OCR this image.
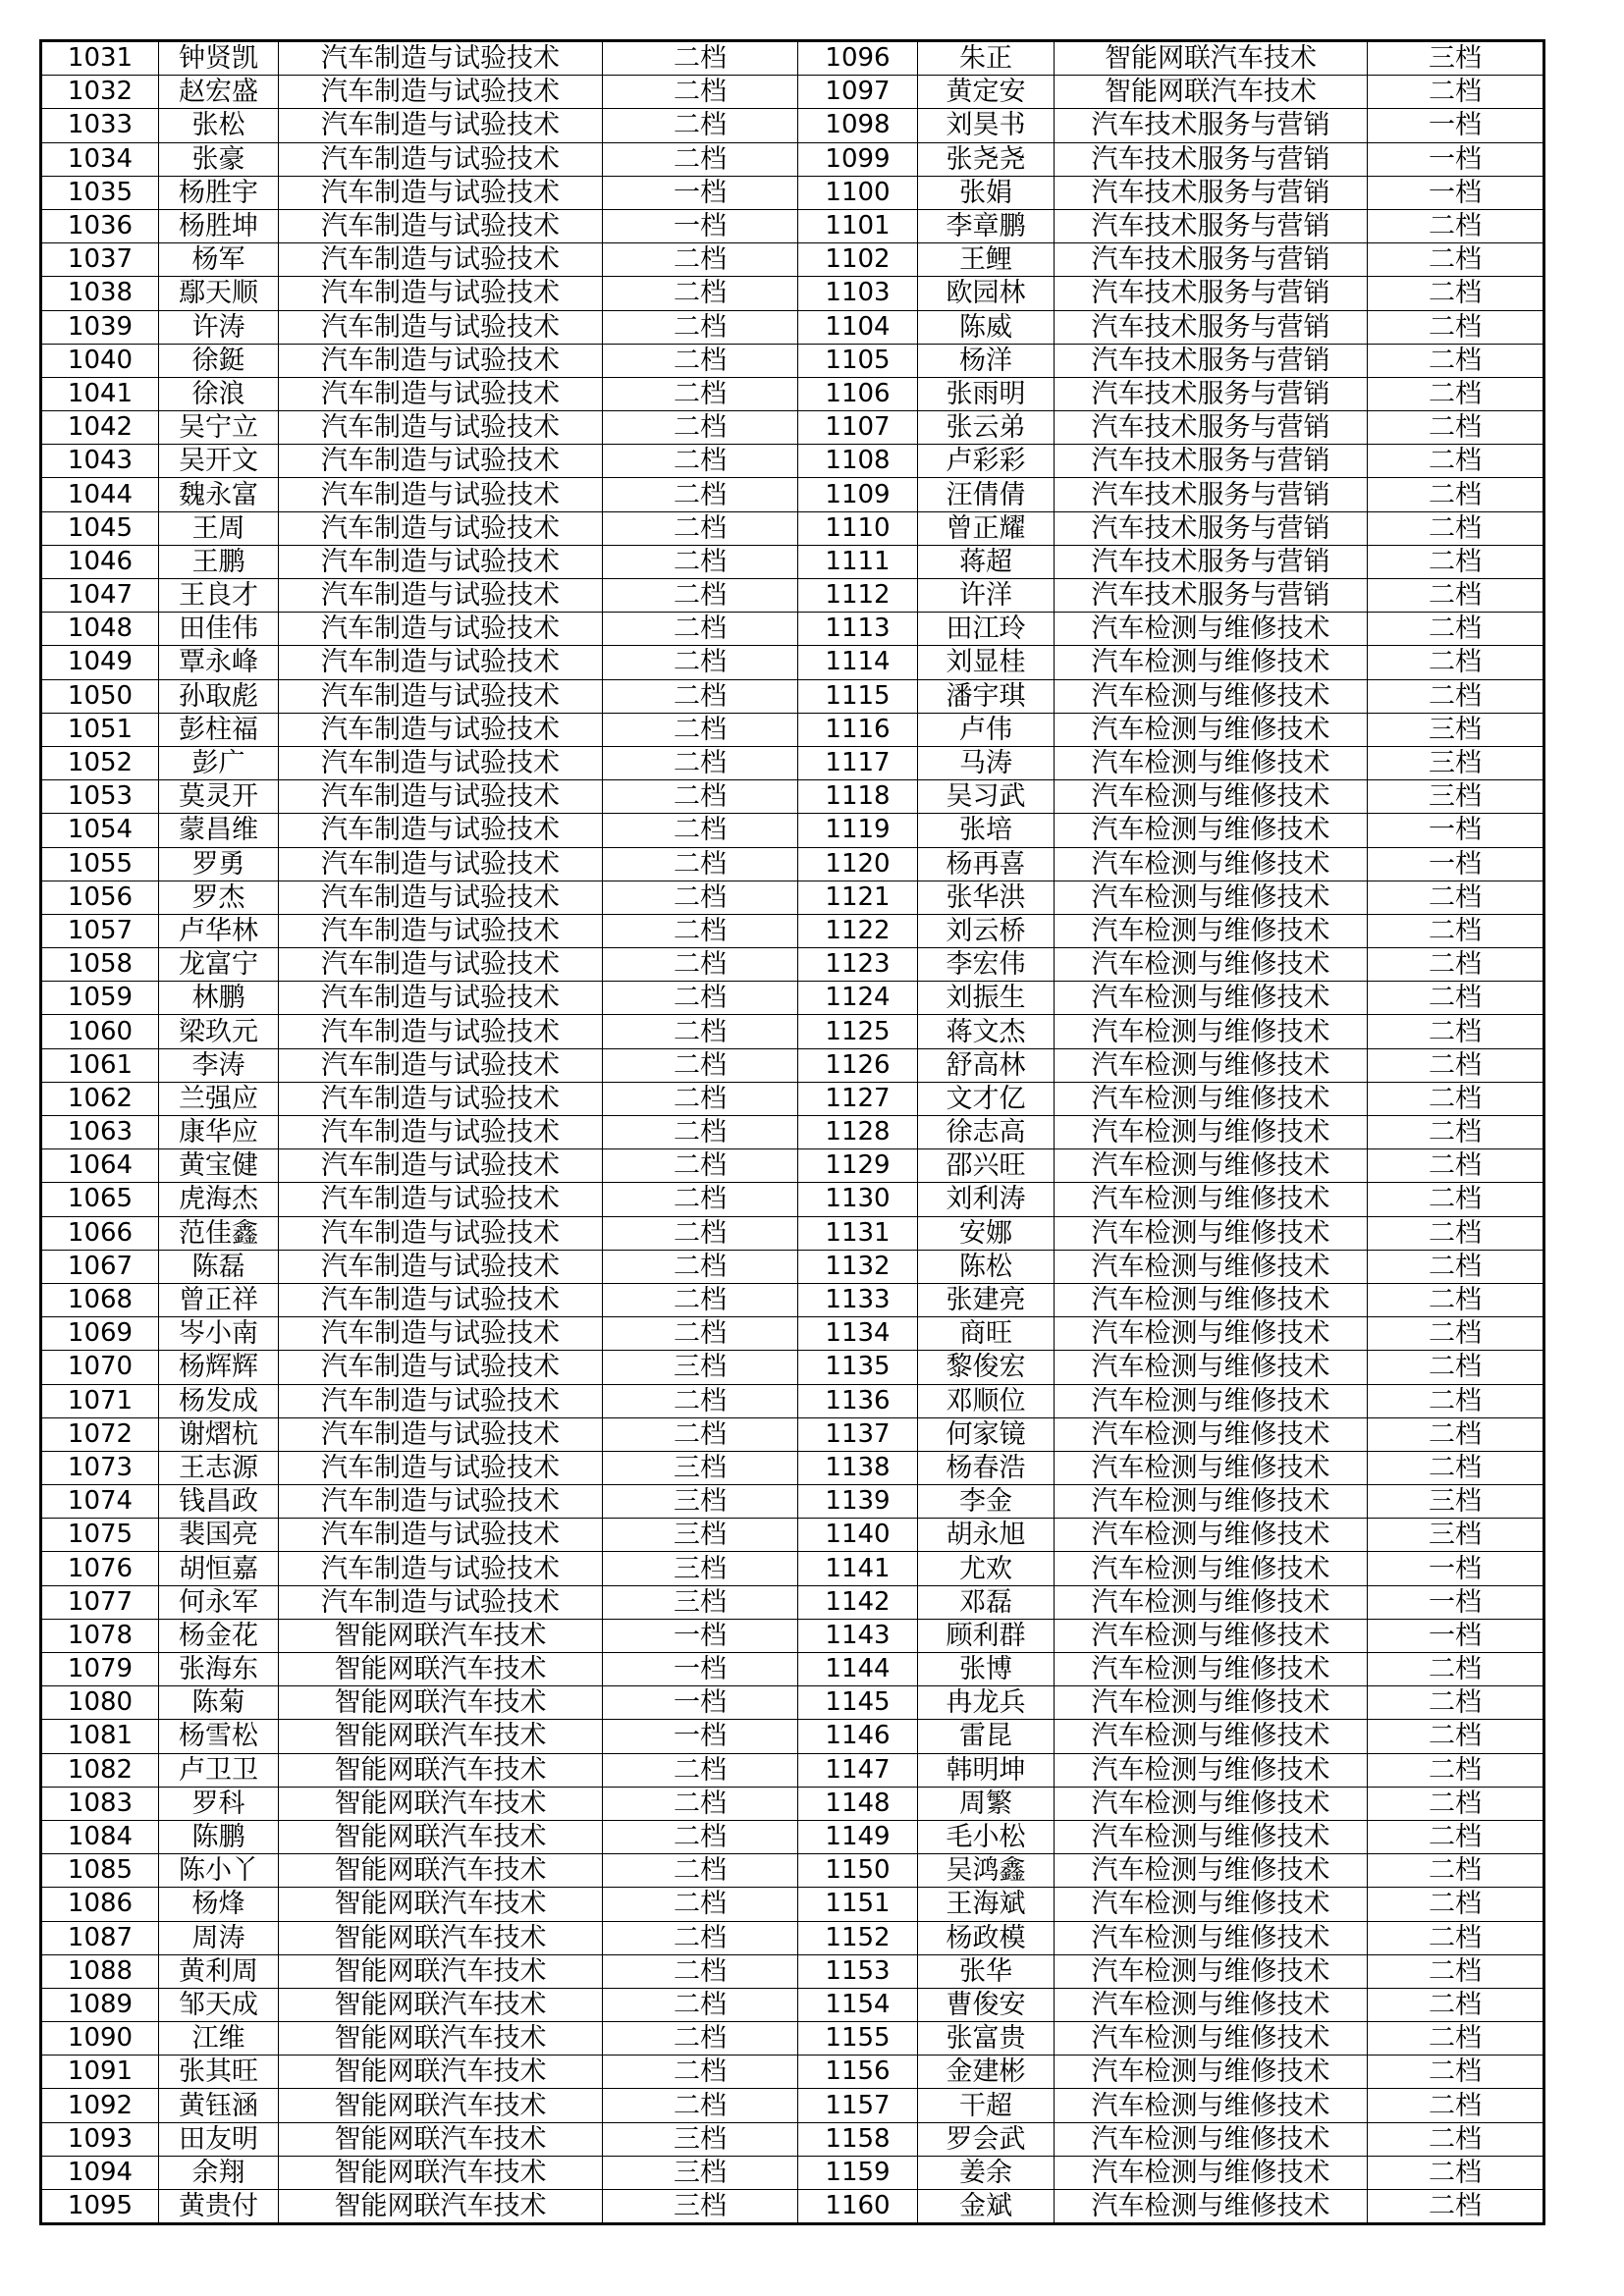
1031	钟贤凯	汽车制造与试验技术	二档	1096	朱正	智能网联汽车技术	三档
1032	赵宏盛	汽车制造与试验技术	二档	1097	黄定安	智能网联汽车技术	二档
1033	张松	汽车制造与试验技术	二档	1098	刘昊书	汽车技术服务与营销	一档
1034	张豪	汽车制造与试验技术	二档	1099	张尧尧	汽车技术服务与营销	一档
1035	杨胜宇	汽车制造与试验技术	一档	1100	张娟	汽车技术服务与营销	一档
1036	杨胜坤	汽车制造与试验技术	一档	1101	李章鹏	汽车技术服务与营销	二档
1037	杨军	汽车制造与试验技术	二档	1102	王鲤	汽车技术服务与营销	二档
1038	鄢天顺	汽车制造与试验技术	二档	1103	欧园林	汽车技术服务与营销	二档
1039	许涛	汽车制造与试验技术	二档	1104	陈威	汽车技术服务与营销	二档
1040	徐鋌	汽车制造与试验技术	二档	1105	杨洋	汽车技术服务与营销	二档
1041	徐浪	汽车制造与试验技术	二档	1106	张雨明	汽车技术服务与营销	二档
1042	吴宁立	汽车制造与试验技术	二档	1107	张云弟	汽车技术服务与营销	二档
1043	吴开文	汽车制造与试验技术	二档	1108	卢彩彩	汽车技术服务与营销	二档
1044	魏永富	汽车制造与试验技术	二档	1109	汪倩倩	汽车技术服务与营销	二档
1045	王周	汽车制造与试验技术	二档	1110	曾正耀	汽车技术服务与营销	二档
1046	王鹏	汽车制造与试验技术	二档	1111	蒋超	汽车技术服务与营销	二档
1047	王良才	汽车制造与试验技术	二档	1112	许洋	汽车技术服务与营销	二档
1048	田佳伟	汽车制造与试验技术	二档	1113	田江玲	汽车检测与维修技术	二档
1049	覃永峰	汽车制造与试验技术	二档	1114	刘显桂	汽车检测与维修技术	二档
1050	孙取彪	汽车制造与试验技术	二档	1115	潘宇琪	汽车检测与维修技术	二档
1051	彭柱福	汽车制造与试验技术	二档	1116	卢伟	汽车检测与维修技术	三档
1052	彭广	汽车制造与试验技术	二档	1117	马涛	汽车检测与维修技术	三档
1053	莫灵开	汽车制造与试验技术	二档	1118	吴习武	汽车检测与维修技术	三档
1054	蒙昌维	汽车制造与试验技术	二档	1119	张培	汽车检测与维修技术	一档
1055	罗勇	汽车制造与试验技术	二档	1120	杨再喜	汽车检测与维修技术	一档
1056	罗杰	汽车制造与试验技术	二档	1121	张华洪	汽车检测与维修技术	二档
1057	卢华林	汽车制造与试验技术	二档	1122	刘云桥	汽车检测与维修技术	二档
1058	龙富宁	汽车制造与试验技术	二档	1123	李宏伟	汽车检测与维修技术	二档
1059	林鹏	汽车制造与试验技术	二档	1124	刘振生	汽车检测与维修技术	二档
1060	梁玖元	汽车制造与试验技术	二档	1125	蒋文杰	汽车检测与维修技术	二档
1061	李涛	汽车制造与试验技术	二档	1126	舒高林	汽车检测与维修技术	二档
1062	兰强应	汽车制造与试验技术	二档	1127	文才亿	汽车检测与维修技术	二档
1063	康华应	汽车制造与试验技术	二档	1128	徐志高	汽车检测与维修技术	二档
1064	黄宝健	汽车制造与试验技术	二档	1129	邵兴旺	汽车检测与维修技术	二档
1065	虎海杰	汽车制造与试验技术	二档	1130	刘利涛	汽车检测与维修技术	二档
1066	范佳鑫	汽车制造与试验技术	二档	1131	安娜	汽车检测与维修技术	二档
1067	陈磊	汽车制造与试验技术	二档	1132	陈松	汽车检测与维修技术	二档
1068	曾正祥	汽车制造与试验技术	二档	1133	张建亮	汽车检测与维修技术	二档
1069	岑小南	汽车制造与试验技术	二档	1134	商旺	汽车检测与维修技术	二档
1070	杨辉辉	汽车制造与试验技术	三档	1135	黎俊宏	汽车检测与维修技术	二档
1071	杨发成	汽车制造与试验技术	二档	1136	邓顺位	汽车检测与维修技术	二档
1072	谢熠杭	汽车制造与试验技术	二档	1137	何家镜	汽车检测与维修技术	二档
1073	王志源	汽车制造与试验技术	三档	1138	杨春浩	汽车检测与维修技术	二档
1074	钱昌政	汽车制造与试验技术	三档	1139	李金	汽车检测与维修技术	三档
1075	裴国亮	汽车制造与试验技术	三档	1140	胡永旭	汽车检测与维修技术	三档
1076	胡恒嘉	汽车制造与试验技术	三档	1141	尤欢	汽车检测与维修技术	一档
1077	何永军	汽车制造与试验技术	三档	1142	邓磊	汽车检测与维修技术	一档
1078	杨金花	智能网联汽车技术	一档	1143	顾利群	汽车检测与维修技术	一档
1079	张海东	智能网联汽车技术	一档	1144	张博	汽车检测与维修技术	二档
1080	陈菊	智能网联汽车技术	一档	1145	冉龙兵	汽车检测与维修技术	二档
1081	杨雪松	智能网联汽车技术	一档	1146	雷昆	汽车检测与维修技术	二档
1082	卢卫卫	智能网联汽车技术	二档	1147	韩明坤	汽车检测与维修技术	二档
1083	罗科	智能网联汽车技术	二档	1148	周繁	汽车检测与维修技术	二档
1084	陈鹏	智能网联汽车技术	二档	1149	毛小松	汽车检测与维修技术	二档
1085	陈小丫	智能网联汽车技术	二档	1150	吴鸿鑫	汽车检测与维修技术	二档
1086	杨烽	智能网联汽车技术	二档	1151	王海斌	汽车检测与维修技术	二档
1087	周涛	智能网联汽车技术	二档	1152	杨政模	汽车检测与维修技术	二档
1088	黄利周	智能网联汽车技术	二档	1153	张华	汽车检测与维修技术	二档
1089	邹天成	智能网联汽车技术	二档	1154	曹俊安	汽车检测与维修技术	二档
1090	江维	智能网联汽车技术	二档	1155	张富贵	汽车检测与维修技术	二档
1091	张其旺	智能网联汽车技术	二档	1156	金建彬	汽车检测与维修技术	二档
1092	黄钰涵	智能网联汽车技术	二档	1157	干超	汽车检测与维修技术	二档
1093	田友明	智能网联汽车技术	三档	1158	罗会武	汽车检测与维修技术	二档
1094	余翔	智能网联汽车技术	三档	1159	姜余	汽车检测与维修技术	二档
1095	黄贵付	智能网联汽车技术	三档	1160	金斌	汽车检测与维修技术	二档
